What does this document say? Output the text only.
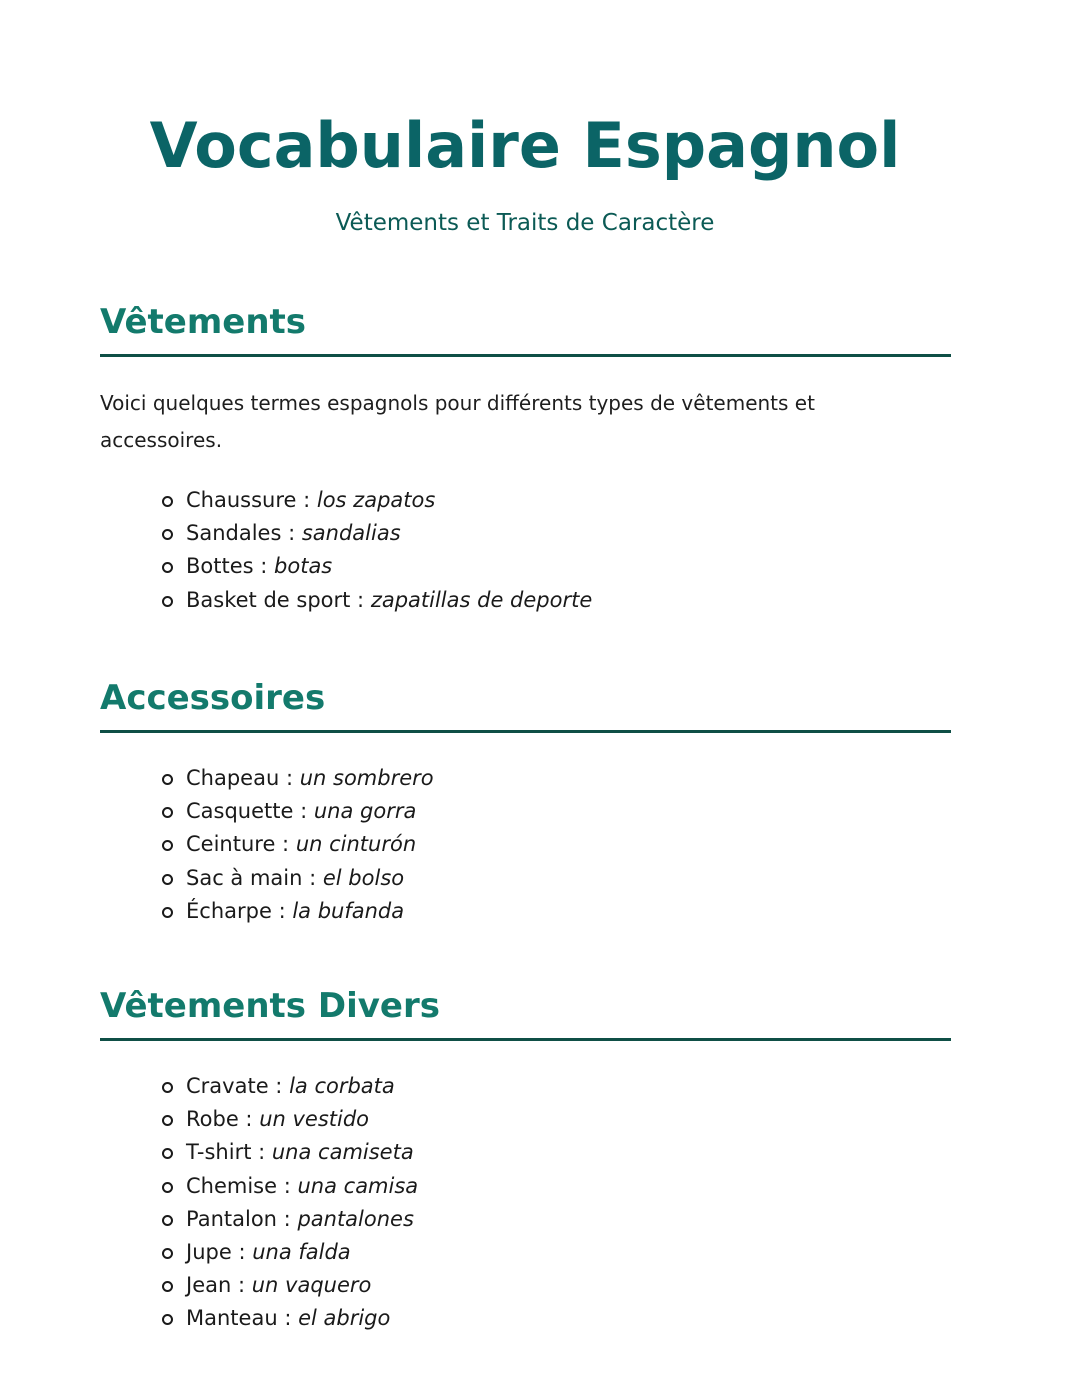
Vocabulaire Espagnol

Vêtements et Traits de Caractère

Vêtements

Voici quelques termes espagnols pour différents types de vêtements et accessoires.

Chaussure : los zapatos
Sandales : sandalias
Bottes : botas
Basket de sport : zapatillas de deporte
Accessoires
Chapeau : un sombrero
Casquette : una gorra
Ceinture : un cinturón
Sac à main : el bolso
Écharpe : la bufanda
Vêtements Divers
Cravate : la corbata
Robe : un vestido
T-shirt : una camiseta
Chemise : una camisa
Pantalon : pantalones
Jupe : una falda
Jean : un vaquero
Manteau : el abrigo
